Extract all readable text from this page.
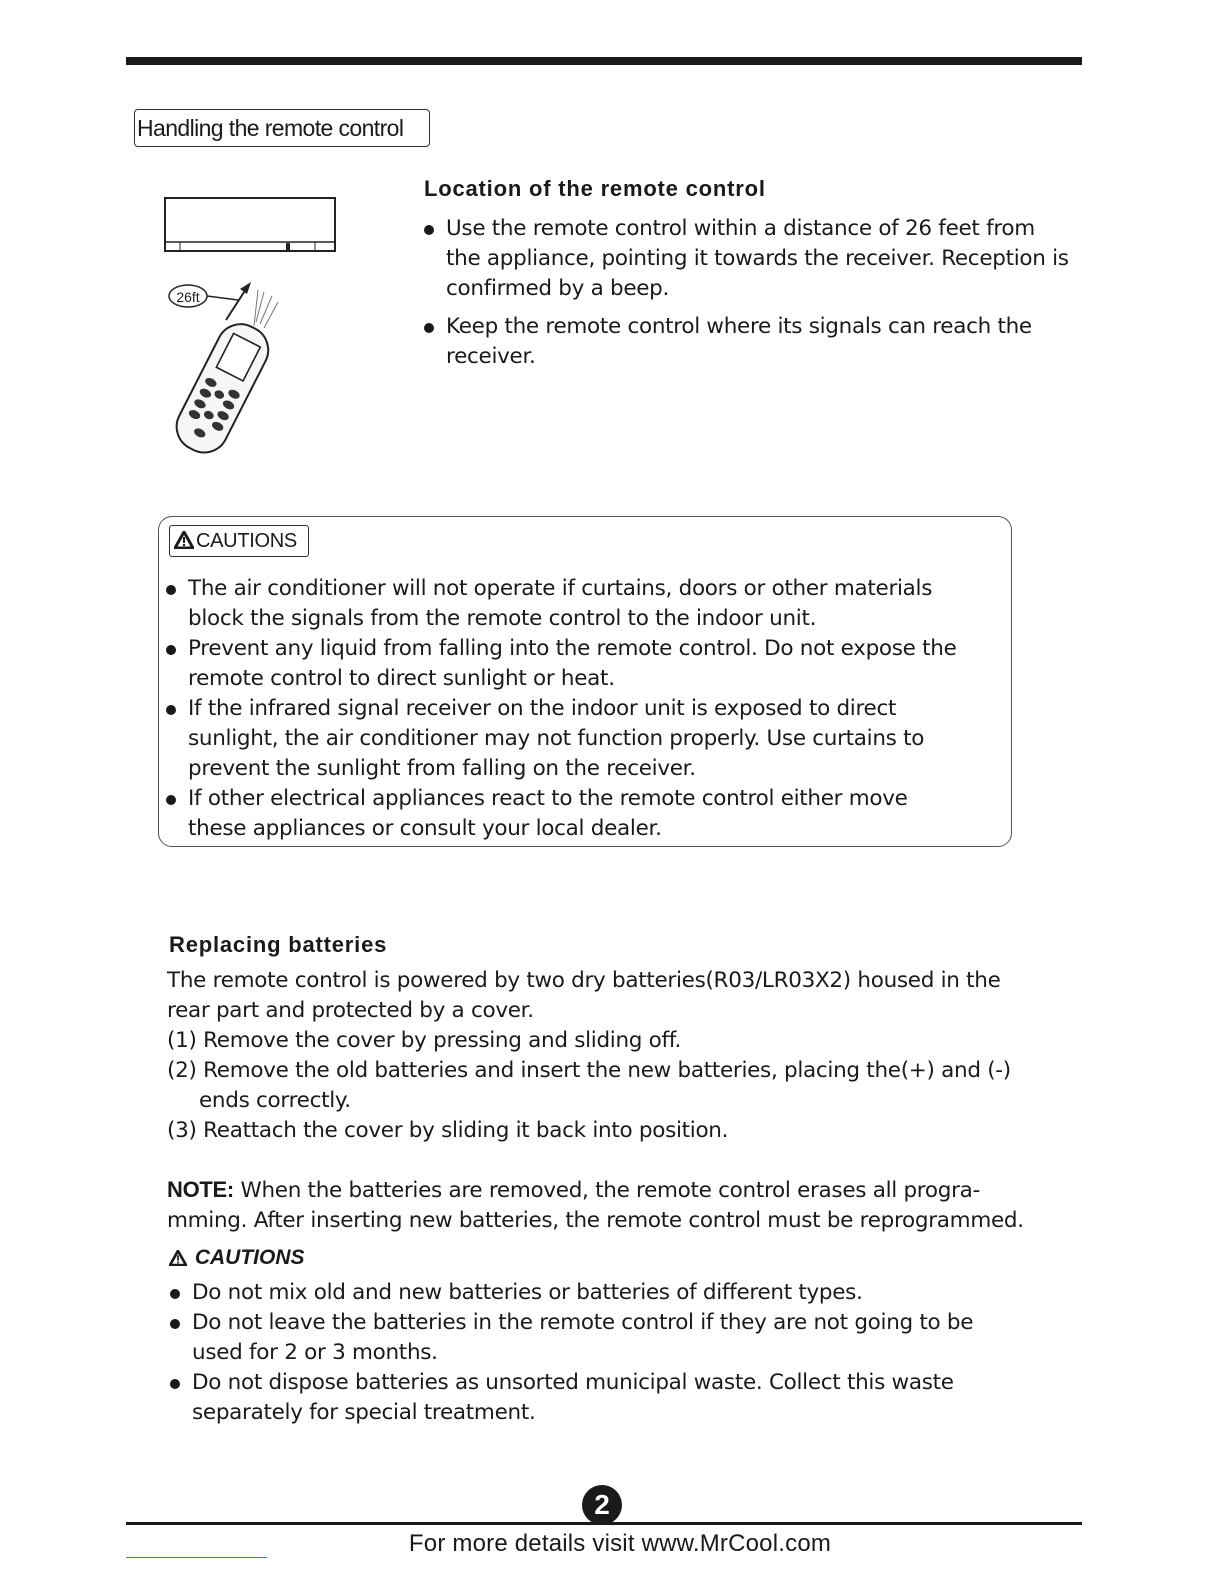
Handling the remote control
26ft
Location of the remote control
Use the remote control within a distance of 26 feet from the appliance, pointing it towards the receiver. Reception is confirmed by a beep.
Keep the remote control where its signals can reach the receiver.
CAUTIONS
The air conditioner will not operate if curtains, doors or other materials block the signals from the remote control to the indoor unit.
Prevent any liquid from falling into the remote control. Do not expose the remote control to direct sunlight or heat.
If the infrared signal receiver on the indoor unit is exposed to direct sunlight, the air conditioner may not function properly. Use curtains to prevent the sunlight from falling on the receiver.
If other electrical appliances react to the remote control either move these appliances or consult your local dealer.
Replacing batteries

The remote control is powered by two dry batteries(R03/LR03X2) housed in the rear part and protected by a cover.

(1) Remove the cover by pressing and sliding off.

(2) Remove the old batteries and insert the new batteries, placing the(+) and (-)

ends correctly.

(3) Reattach the cover by sliding it back into position.

NOTE: When the batteries are removed, the remote control erases all progra- mming. After inserting new batteries, the remote control must be reprogrammed.
CAUTIONS
Do not mix old and new batteries or batteries of different types.
Do not leave the batteries in the remote control if they are not going to be used for 2 or 3 months.
Do not dispose batteries as unsorted municipal waste. Collect this waste separately for special treatment.
2
For more details visit www.MrCool.com
